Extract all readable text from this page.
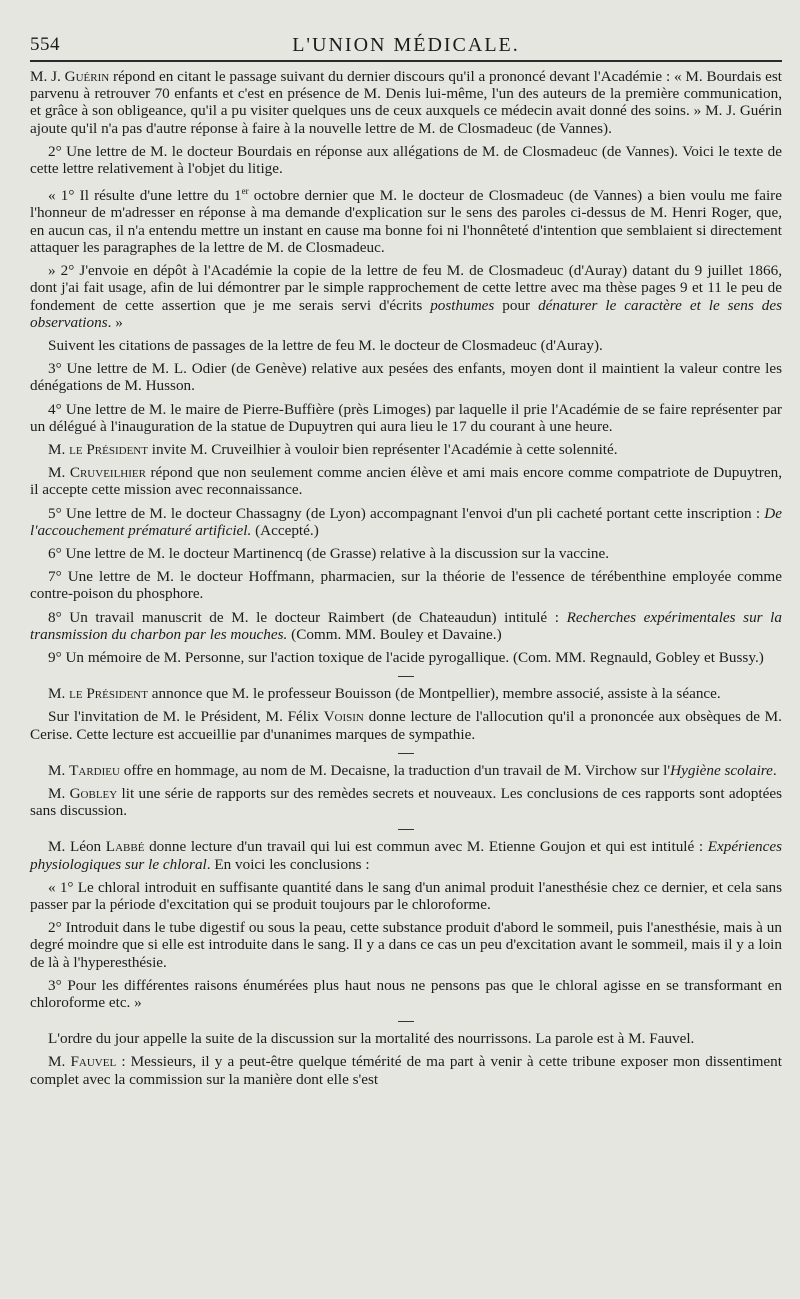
554	L'UNION MÉDICALE.

M. J. Guérin répond en citant le passage suivant du dernier discours qu'il a prononcé devant l'Académie : « M. Bourdais est parvenu à retrouver 70 enfants et c'est en présence de M. Denis lui-même, l'un des auteurs de la première communication, et grâce à son obligeance, qu'il a pu visiter quelques uns de ceux auxquels ce médecin avait donné des soins. » M. J. Guérin ajoute qu'il n'a pas d'autre réponse à faire à la nouvelle lettre de M. de Closmadeuc (de Vannes).

2° Une lettre de M. le docteur Bourdais en réponse aux allégations de M. de Closmadeuc (de Vannes). Voici le texte de cette lettre relativement à l'objet du litige.

« 1° Il résulte d'une lettre du 1er octobre dernier que M. le docteur de Closmadeuc (de Vannes) a bien voulu me faire l'honneur de m'adresser en réponse à ma demande d'explication sur le sens des paroles ci-dessus de M. Henri Roger, que, en aucun cas, il n'a entendu mettre un instant en cause ma bonne foi ni l'honnêteté d'intention que semblaient si directement attaquer les paragraphes de la lettre de M. de Closmadeuc.

» 2° J'envoie en dépôt à l'Académie la copie de la lettre de feu M. de Closmadeuc (d'Auray) datant du 9 juillet 1866, dont j'ai fait usage, afin de lui démontrer par le simple rapprochement de cette lettre avec ma thèse pages 9 et 11 le peu de fondement de cette assertion que je me serais servi d'écrits posthumes pour dénaturer le caractère et le sens des observations. »

Suivent les citations de passages de la lettre de feu M. le docteur de Closmadeuc (d'Auray).

3° Une lettre de M. L. Odier (de Genève) relative aux pesées des enfants, moyen dont il maintient la valeur contre les dénégations de M. Husson.

4° Une lettre de M. le maire de Pierre-Buffière (près Limoges) par laquelle il prie l'Académie de se faire représenter par un délégué à l'inauguration de la statue de Dupuytren qui aura lieu le 17 du courant à une heure.

M. le Président invite M. Cruveilhier à vouloir bien représenter l'Académie à cette solennité.

M. Cruveilhier répond que non seulement comme ancien élève et ami mais encore comme compatriote de Dupuytren, il accepte cette mission avec reconnaissance.

5° Une lettre de M. le docteur Chassagny (de Lyon) accompagnant l'envoi d'un pli cacheté portant cette inscription : De l'accouchement prématuré artificiel. (Accepté.)

6° Une lettre de M. le docteur Martinencq (de Grasse) relative à la discussion sur la vaccine.

7° Une lettre de M. le docteur Hoffmann, pharmacien, sur la théorie de l'essence de térébenthine employée comme contre-poison du phosphore.

8° Un travail manuscrit de M. le docteur Raimbert (de Chateaudun) intitulé : Recherches expérimentales sur la transmission du charbon par les mouches. (Comm. MM. Bouley et Davaine.)

9° Un mémoire de M. Personne, sur l'action toxique de l'acide pyrogallique. (Com. MM. Regnauld, Gobley et Bussy.)

M. le Président annonce que M. le professeur Bouisson (de Montpellier), membre associé, assiste à la séance.

Sur l'invitation de M. le Président, M. Félix Voisin donne lecture de l'allocution qu'il a prononcée aux obsèques de M. Cerise. Cette lecture est accueillie par d'unanimes marques de sympathie.

M. Tardieu offre en hommage, au nom de M. Decaisne, la traduction d'un travail de M. Virchow sur l'Hygiène scolaire.

M. Gobley lit une série de rapports sur des remèdes secrets et nouveaux. Les conclusions de ces rapports sont adoptées sans discussion.

M. Léon Labbé donne lecture d'un travail qui lui est commun avec M. Etienne Goujon et qui est intitulé : Expériences physiologiques sur le chloral. En voici les conclusions :

« 1° Le chloral introduit en suffisante quantité dans le sang d'un animal produit l'anesthésie chez ce dernier, et cela sans passer par la période d'excitation qui se produit toujours par le chloroforme.

2° Introduit dans le tube digestif ou sous la peau, cette substance produit d'abord le sommeil, puis l'anesthésie, mais à un degré moindre que si elle est introduite dans le sang. Il y a dans ce cas un peu d'excitation avant le sommeil, mais il y a loin de là à l'hyperesthésie.

3° Pour les différentes raisons énumérées plus haut nous ne pensons pas que le chloral agisse en se transformant en chloroforme etc. »

L'ordre du jour appelle la suite de la discussion sur la mortalité des nourrissons. La parole est à M. Fauvel.

M. Fauvel : Messieurs, il y a peut-être quelque témérité de ma part à venir à cette tribune exposer mon dissentiment complet avec la commission sur la manière dont elle s'est
